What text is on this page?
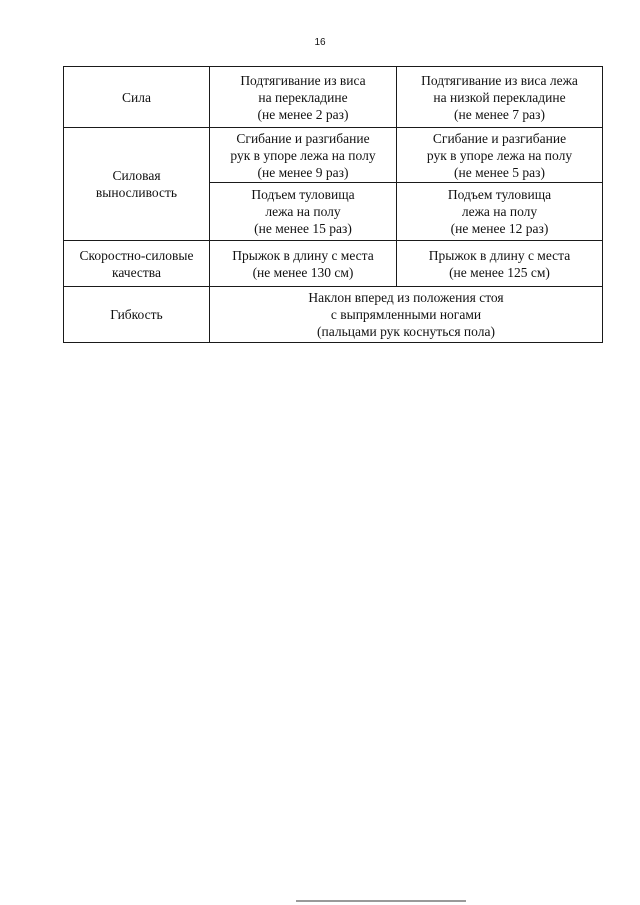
16
Сила	Подтягивание из виса
на перекладине
(не менее 2 раз)	Подтягивание из виса лежа
на низкой перекладине
(не менее 7 раз)

Силовая
выносливость	Сгибание и разгибание
рук в упоре лежа на полу
(не менее 9 раз)	Сгибание и разгибание
рук в упоре лежа на полу
(не менее 5 раз)

	Подъем туловища
лежа на полу
(не менее 15 раз)	Подъем туловища
лежа на полу
(не менее 12 раз)

Скоростно-силовые
качества	Прыжок в длину с места
(не менее 130 см)	Прыжок в длину с места
(не менее 125 см)

Гибкость	Наклон вперед из положения стоя
с выпрямленными ногами
(пальцами рук коснуться пола)	
